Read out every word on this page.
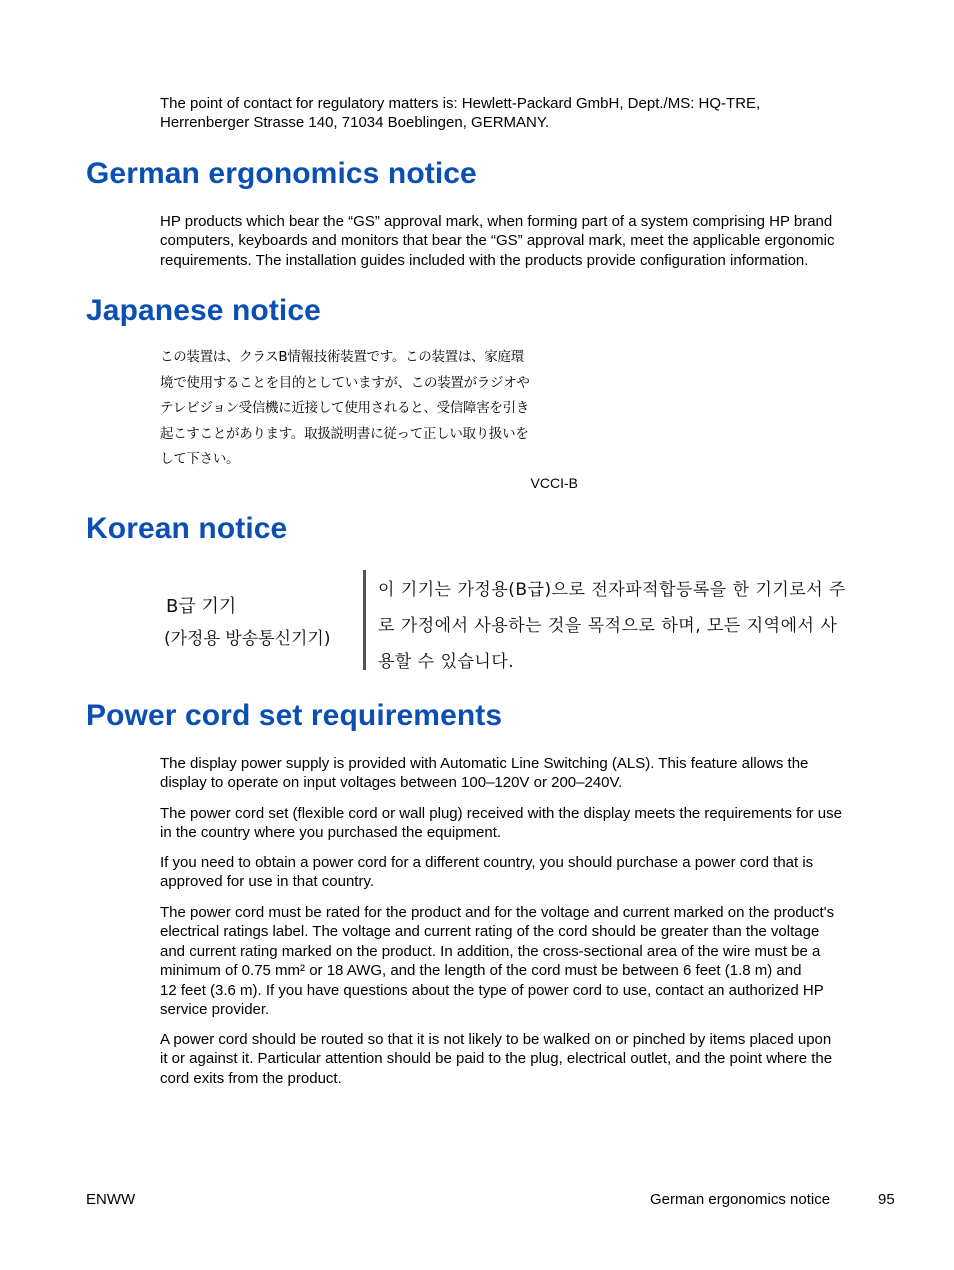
The point of contact for regulatory matters is: Hewlett-Packard GmbH, Dept./MS: HQ-TRE,
Herrenberger Strasse 140, 71034 Boeblingen, GERMANY.

German ergonomics notice

HP products which bear the “GS” approval mark, when forming part of a system comprising HP brand
computers, keyboards and monitors that bear the “GS” approval mark, meet the applicable ergonomic
requirements. The installation guides included with the products provide configuration information.

Japanese notice

この装置は、クラスB情報技術装置です。この装置は、家庭環
境で使用することを目的としていますが、この装置がラジオや
テレビジョン受信機に近接して使用されると、受信障害を引き
起こすことがあります。取扱説明書に従って正しい取り扱いを
して下さい。

VCCI-B
Korean notice
B급 기기
(가정용 방송통신기기)
이 기기는 가정용(B급)으로 전자파적합등록을 한 기기로서 주
로 가정에서 사용하는 것을 목적으로 하며, 모든 지역에서 사
용할 수 있습니다.
Power cord set requirements

The display power supply is provided with Automatic Line Switching (ALS). This feature allows the
display to operate on input voltages between 100–120V or 200–240V.

The power cord set (flexible cord or wall plug) received with the display meets the requirements for use
in the country where you purchased the equipment.

If you need to obtain a power cord for a different country, you should purchase a power cord that is
approved for use in that country.

The power cord must be rated for the product and for the voltage and current marked on the product's
electrical ratings label. The voltage and current rating of the cord should be greater than the voltage
and current rating marked on the product. In addition, the cross-sectional area of the wire must be a
minimum of 0.75 mm² or 18 AWG, and the length of the cord must be between 6 feet (1.8 m) and
12 feet (3.6 m). If you have questions about the type of power cord to use, contact an authorized HP
service provider.

A power cord should be routed so that it is not likely to be walked on or pinched by items placed upon
it or against it. Particular attention should be paid to the plug, electrical outlet, and the point where the
cord exits from the product.

ENWW	German ergonomics notice	95
